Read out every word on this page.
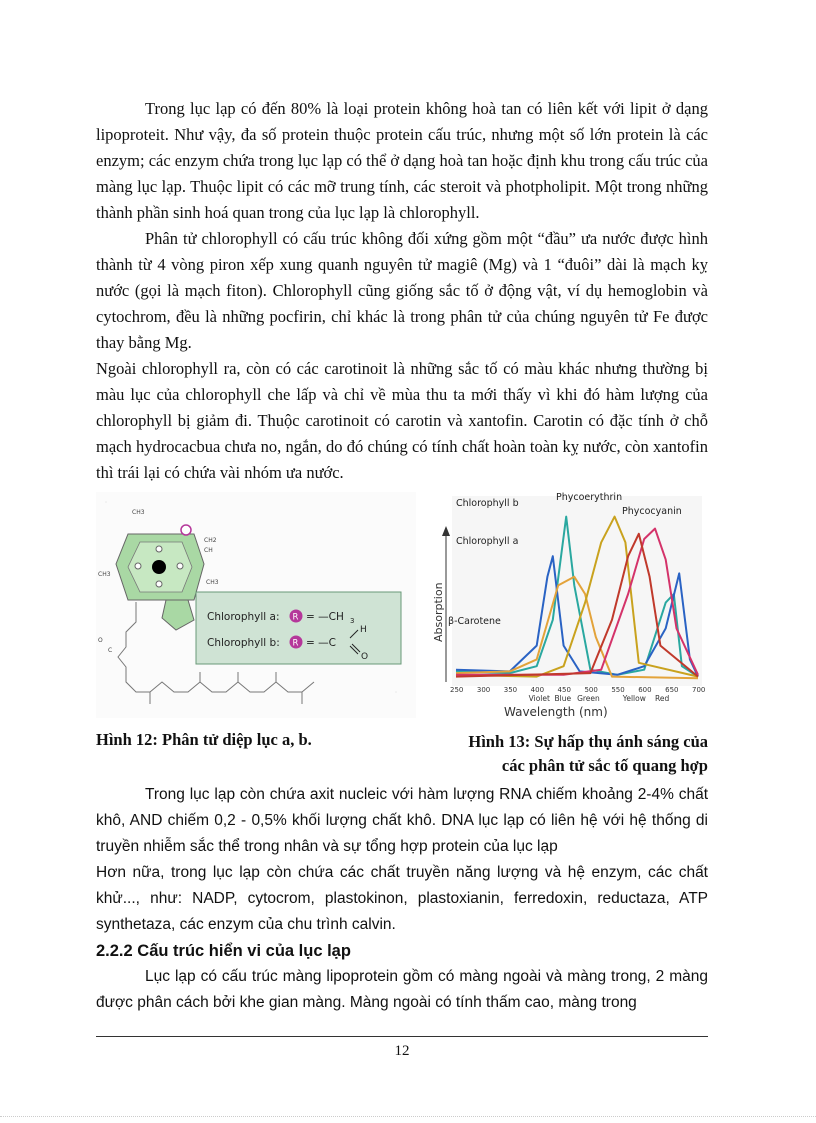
Trong lục lạp có đến 80% là loại protein không hoà tan có liên kết với lipit ở dạng lipoproteit. Như vậy, đa số protein thuộc protein cấu trúc, nhưng một số lớn protein là các enzym; các enzym chứa trong lục lạp có thể ở dạng hoà tan hoặc định khu trong cấu trúc của màng lục lạp. Thuộc lipit có các mỡ trung tính, các steroit và photpholipit. Một trong những thành phần sinh hoá quan trong của lục lạp là chlorophyll.

Phân tử chlorophyll có cấu trúc không đối xứng gồm một “đầu” ưa nước được hình thành từ 4 vòng piron xếp xung quanh nguyên tử magiê (Mg) và 1 “đuôi” dài là mạch kỵ nước (gọi là mạch fiton). Chlorophyll cũng giống sắc tố ở động vật, ví dụ hemoglobin và cytochrom, đều là những pocfirin, chỉ khác là trong phân tử của chúng nguyên tử Fe được thay bằng Mg.

Ngoài chlorophyll ra, còn có các carotinoit là những sắc tố có màu khác nhưng thường bị màu lục của chlorophyll che lấp và chỉ về mùa thu ta mới thấy vì khi đó hàm lượng của chlorophyll bị giảm đi. Thuộc carotinoit có carotin và xantofin. Carotin có đặc tính ở chỗ mạch hydrocacbua chưa no, ngắn, do đó chúng có tính chất hoàn toàn kỵ nước, còn xantofin thì trái lại có chứa vài nhóm ưa nước.

CH3
CH2
CH
CH3
CH3
O
C
Chlorophyll a: R = —CH 3
Chlorophyll b: R = —C
H
O
Absorption
Chlorophyll b
Phycoerythrin
Chlorophyll a
Phycocyanin
β-Carotene
250 300 350 400 450 500 550 600 650 700
Violet Blue Green	Yellow Red
Wavelength (nm)
Hình 12: Phân tử diệp lục a, b.	Hình 13: Sự hấp thụ ánh sáng của
các phân tử sắc tố quang hợp

Trong lục lạp còn chứa axit nucleic với hàm lượng RNA chiếm khoảng 2-4% chất khô, AND chiếm 0,2 - 0,5% khối lượng chất khô. DNA lục lạp có liên hệ với hệ thống di truyền nhiễm sắc thể trong nhân và sự tổng hợp protein của lục lạp

Hơn nữa, trong lục lạp còn chứa các chất truyền năng lượng và hệ enzym, các chất khử..., như: NADP, cytocrom, plastokinon, plastoxianin, ferredoxin, reductaza, ATP synthetaza, các enzym của chu trình calvin.

2.2.2 Cấu trúc hiển vi của lục lạp

Lục lạp có cấu trúc màng lipoprotein gồm có màng ngoài và màng trong, 2 màng được phân cách bởi khe gian màng. Màng ngoài có tính thấm cao, màng trong

12
